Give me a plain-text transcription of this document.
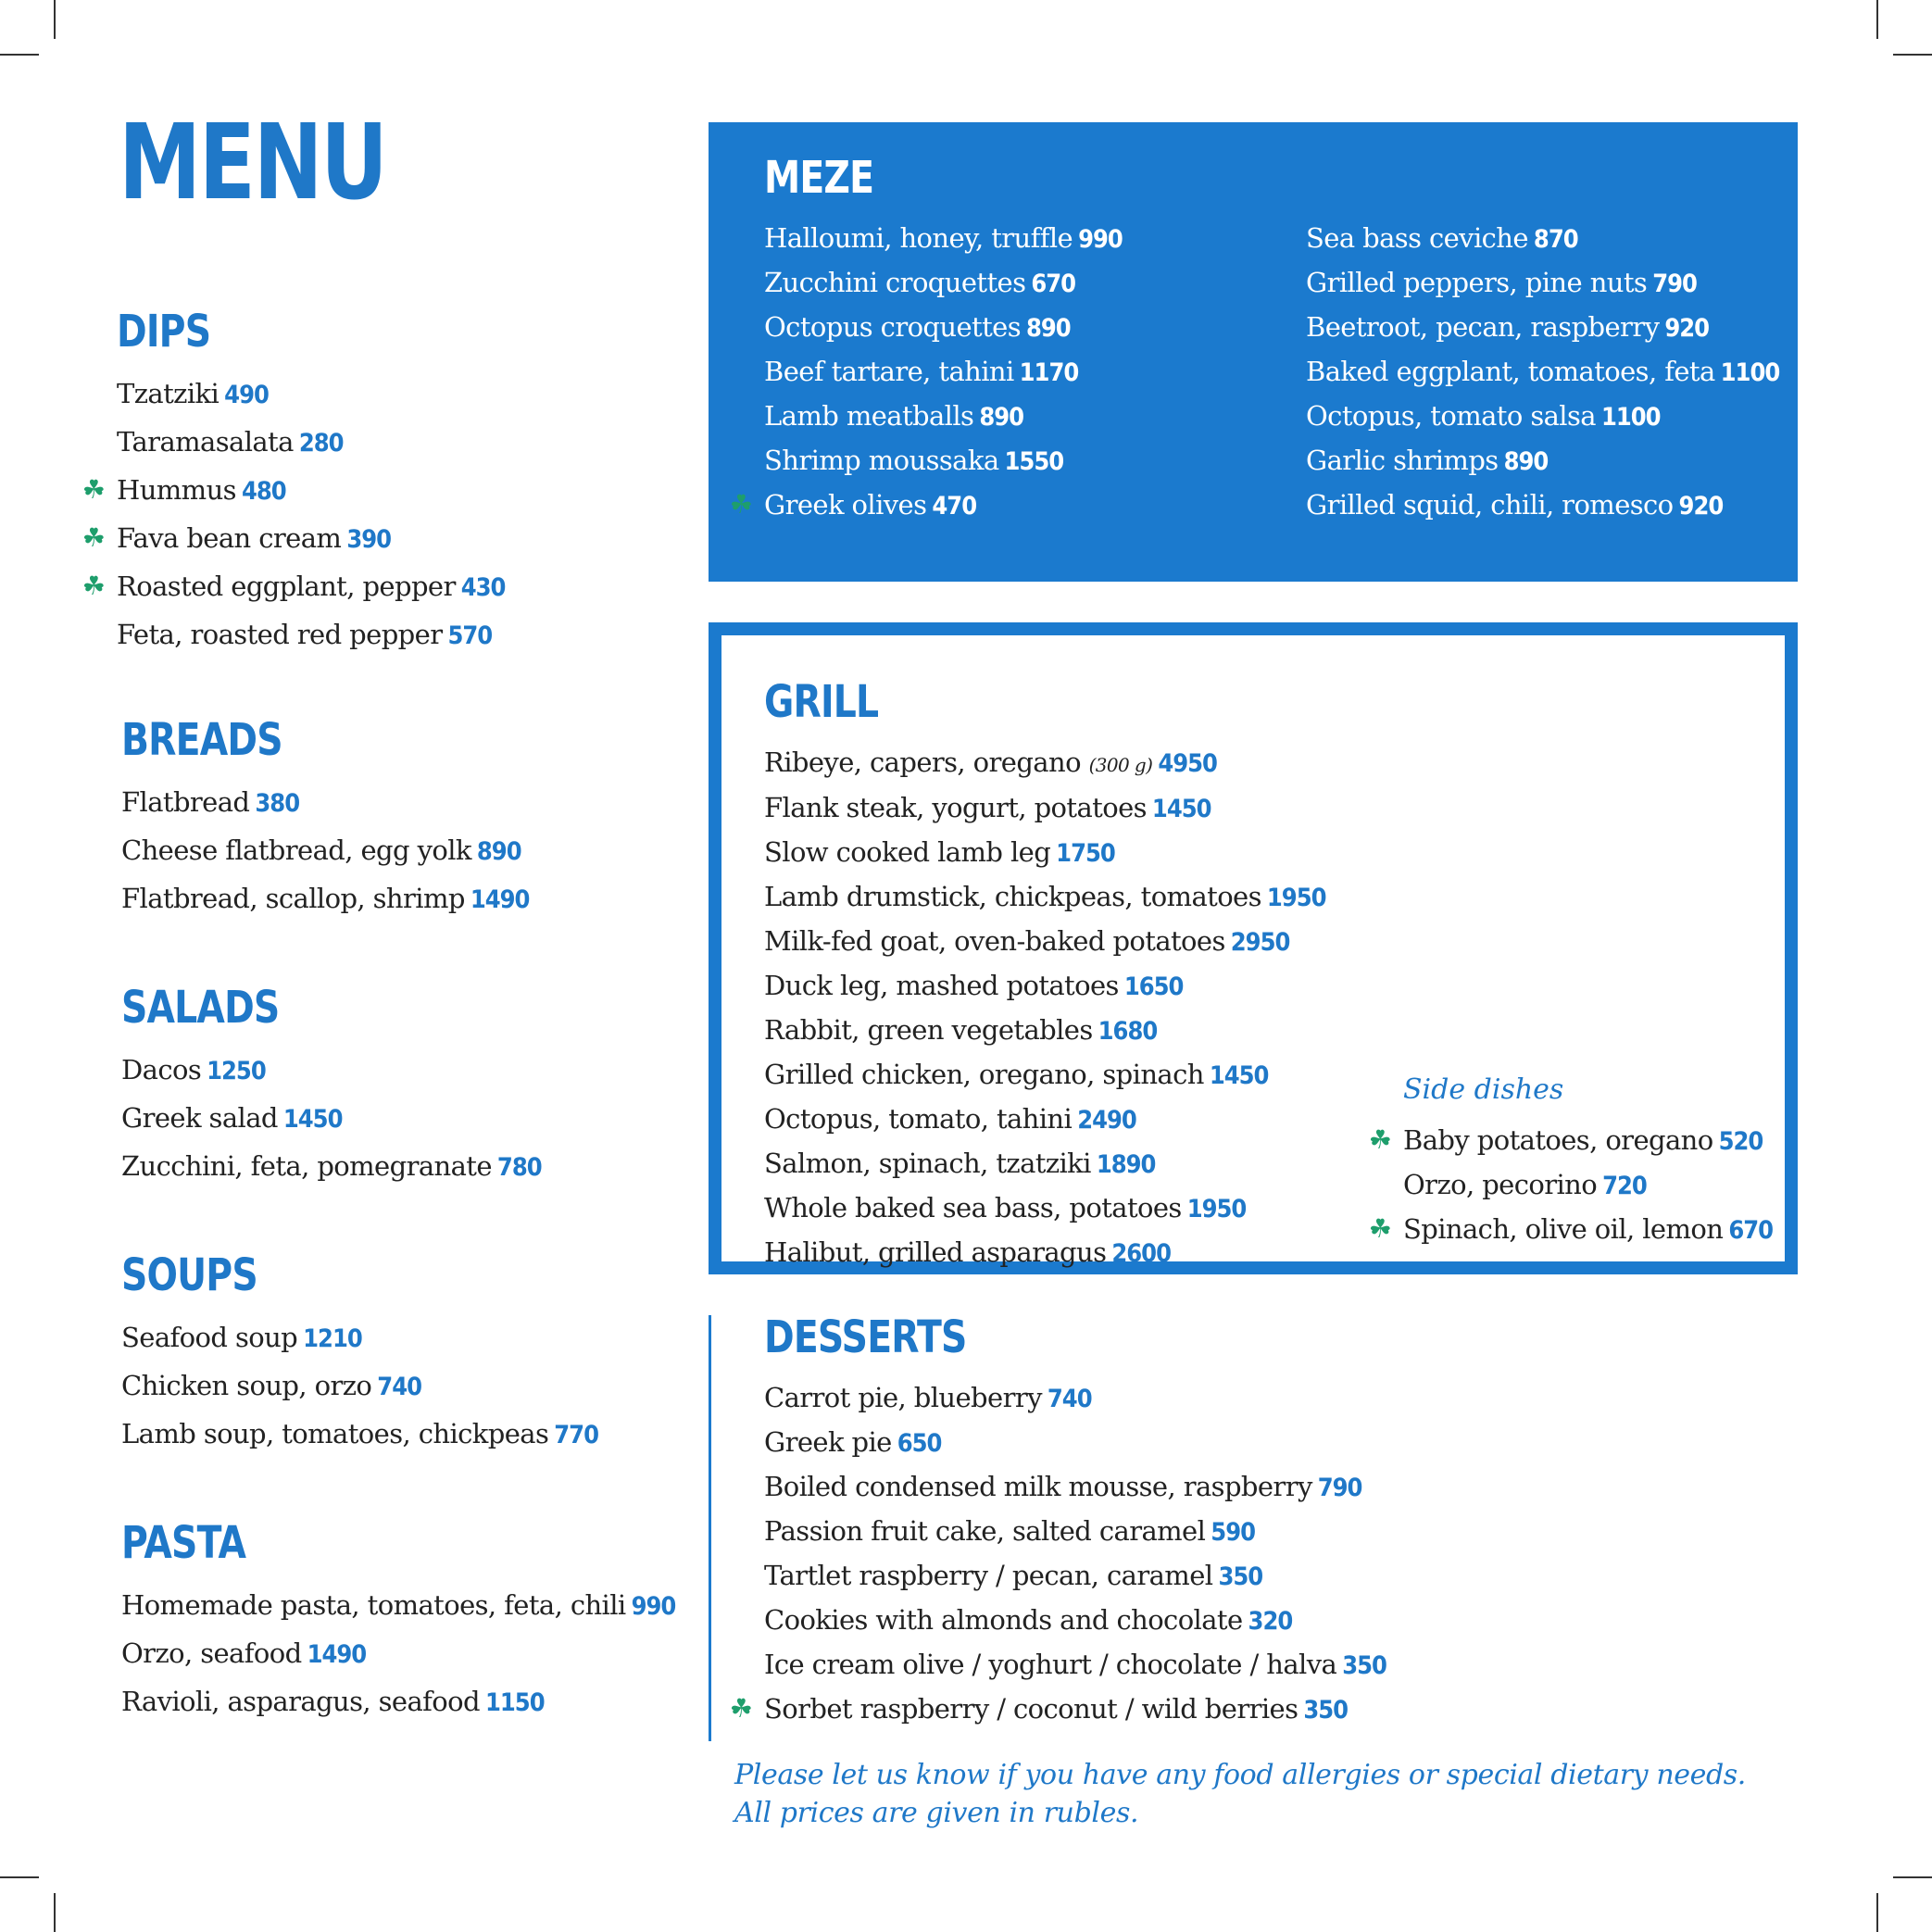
MENU
DIPS
Tzatziki 490
Taramasalata 280
☘ Hummus 480
☘ Fava bean cream 390
☘ Roasted eggplant, pepper 430
Feta, roasted red pepper 570
BREADS
Flatbread 380
Cheese flatbread, egg yolk 890
Flatbread, scallop, shrimp 1490
SALADS
Dacos 1250
Greek salad 1450
Zucchini, feta, pomegranate 780
SOUPS
Seafood soup 1210
Chicken soup, orzo 740
Lamb soup, tomatoes, chickpeas 770
PASTA
Homemade pasta, tomatoes, feta, chili 990
Orzo, seafood 1490
Ravioli, asparagus, seafood 1150
MEZE
Halloumi, honey, truffle 990
Zucchini croquettes 670
Octopus croquettes 890
Beef tartare, tahini 1170
Lamb meatballs 890
Shrimp moussaka 1550
☘ Greek olives 470
Sea bass ceviche 870
Grilled peppers, pine nuts 790
Beetroot, pecan, raspberry 920
Baked eggplant, tomatoes, feta 1100
Octopus, tomato salsa 1100
Garlic shrimps 890
Grilled squid, chili, romesco 920
GRILL
Ribeye, capers, oregano (300 g) 4950
Flank steak, yogurt, potatoes 1450
Slow cooked lamb leg 1750
Lamb drumstick, chickpeas, tomatoes 1950
Milk-fed goat, oven-baked potatoes 2950
Duck leg, mashed potatoes 1650
Rabbit, green vegetables 1680
Grilled chicken, oregano, spinach 1450
Octopus, tomato, tahini 2490
Salmon, spinach, tzatziki 1890
Whole baked sea bass, potatoes 1950
Halibut, grilled asparagus 2600
Side dishes
☘ Baby potatoes, oregano 520
Orzo, pecorino 720
☘ Spinach, olive oil, lemon 670
DESSERTS
Carrot pie, blueberry 740
Greek pie 650
Boiled condensed milk mousse, raspberry 790
Passion fruit cake, salted caramel 590
Tartlet raspberry / pecan, caramel 350
Cookies with almonds and chocolate 320
Ice cream olive / yoghurt / chocolate / halva 350
☘ Sorbet raspberry / coconut / wild berries 350
Please let us know if you have any food allergies or special dietary needs.
All prices are given in rubles.
